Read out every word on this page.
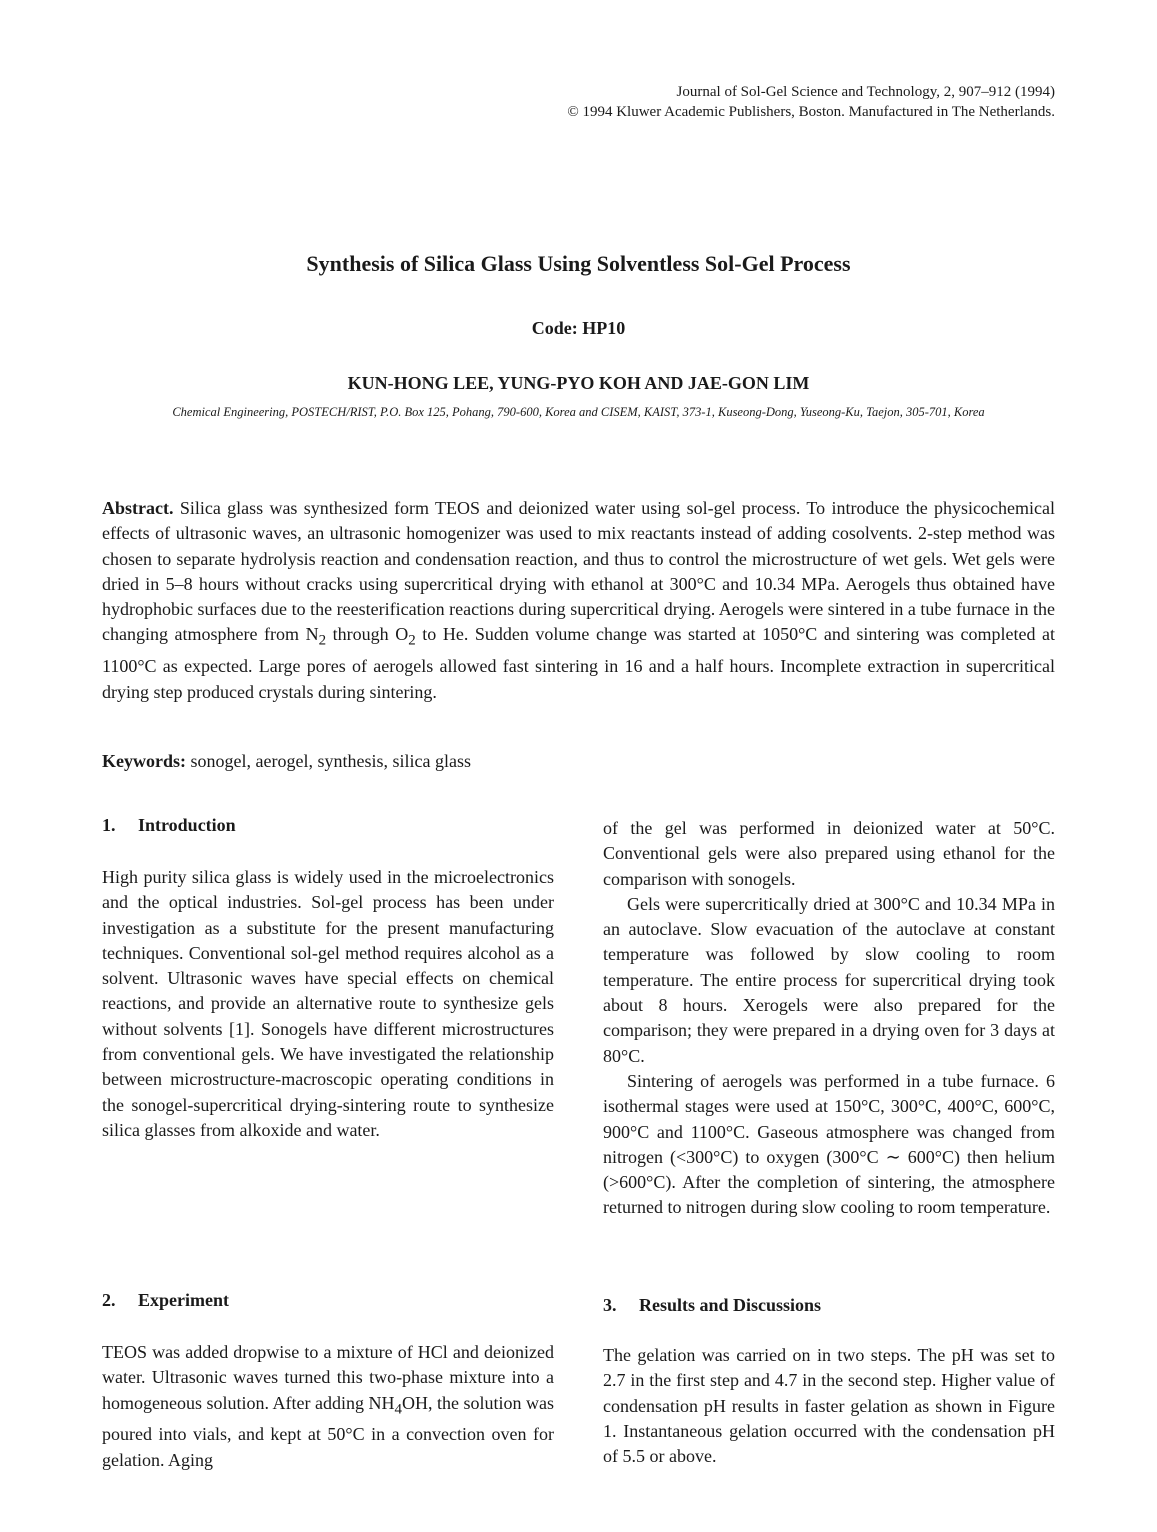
Journal of Sol-Gel Science and Technology, 2, 907–912 (1994)
© 1994 Kluwer Academic Publishers, Boston. Manufactured in The Netherlands.
Synthesis of Silica Glass Using Solventless Sol-Gel Process
Code: HP10
KUN-HONG LEE, YUNG-PYO KOH AND JAE-GON LIM
Chemical Engineering, POSTECH/RIST, P.O. Box 125, Pohang, 790-600, Korea and CISEM, KAIST, 373-1, Kuseong-Dong, Yuseong-Ku, Taejon, 305-701, Korea

Abstract. Silica glass was synthesized form TEOS and deionized water using sol-gel process. To introduce the physicochemical effects of ultrasonic waves, an ultrasonic homogenizer was used to mix reactants instead of adding cosolvents. 2-step method was chosen to separate hydrolysis reaction and condensation reaction, and thus to control the microstructure of wet gels. Wet gels were dried in 5–8 hours without cracks using supercritical drying with ethanol at 300°C and 10.34 MPa. Aerogels thus obtained have hydrophobic surfaces due to the reesterification reactions during supercritical drying. Aerogels were sintered in a tube furnace in the changing atmosphere from $N_2$ through $O_2$ to He. Sudden volume change was started at 1050°C and sintering was completed at 1100°C as expected. Large pores of aerogels allowed fast sintering in 16 and a half hours. Incomplete extraction in supercritical drying step produced crystals during sintering.

Keywords: sonogel, aerogel, synthesis, silica glass

1. Introduction

High purity silica glass is widely used in the microelectronics and the optical industries. Sol-gel process has been under investigation as a substitute for the present manufacturing techniques. Conventional sol-gel method requires alcohol as a solvent. Ultrasonic waves have special effects on chemical reactions, and provide an alternative route to synthesize gels without solvents [1]. Sonogels have different microstructures from conventional gels. We have investigated the relationship between microstructure-macroscopic operating conditions in the sonogel-supercritical drying-sintering route to synthesize silica glasses from alkoxide and water.

2. Experiment

TEOS was added dropwise to a mixture of HCl and deionized water. Ultrasonic waves turned this two-phase mixture into a homogeneous solution. After adding $NH_4OH$, the solution was poured into vials, and kept at 50°C in a convection oven for gelation. Aging

of the gel was performed in deionized water at 50°C. Conventional gels were also prepared using ethanol for the comparison with sonogels.

Gels were supercritically dried at 300°C and 10.34 MPa in an autoclave. Slow evacuation of the autoclave at constant temperature was followed by slow cooling to room temperature. The entire process for supercritical drying took about 8 hours. Xerogels were also prepared for the comparison; they were prepared in a drying oven for 3 days at 80°C.

Sintering of aerogels was performed in a tube furnace. 6 isothermal stages were used at 150°C, 300°C, 400°C, 600°C, 900°C and 1100°C. Gaseous atmosphere was changed from nitrogen (<300°C) to oxygen (300°C ∼ 600°C) then helium (>600°C). After the completion of sintering, the atmosphere returned to nitrogen during slow cooling to room temperature.

3. Results and Discussions

The gelation was carried on in two steps. The pH was set to 2.7 in the first step and 4.7 in the second step. Higher value of condensation pH results in faster gelation as shown in Figure 1. Instantaneous gelation occurred with the condensation pH of 5.5 or above.
